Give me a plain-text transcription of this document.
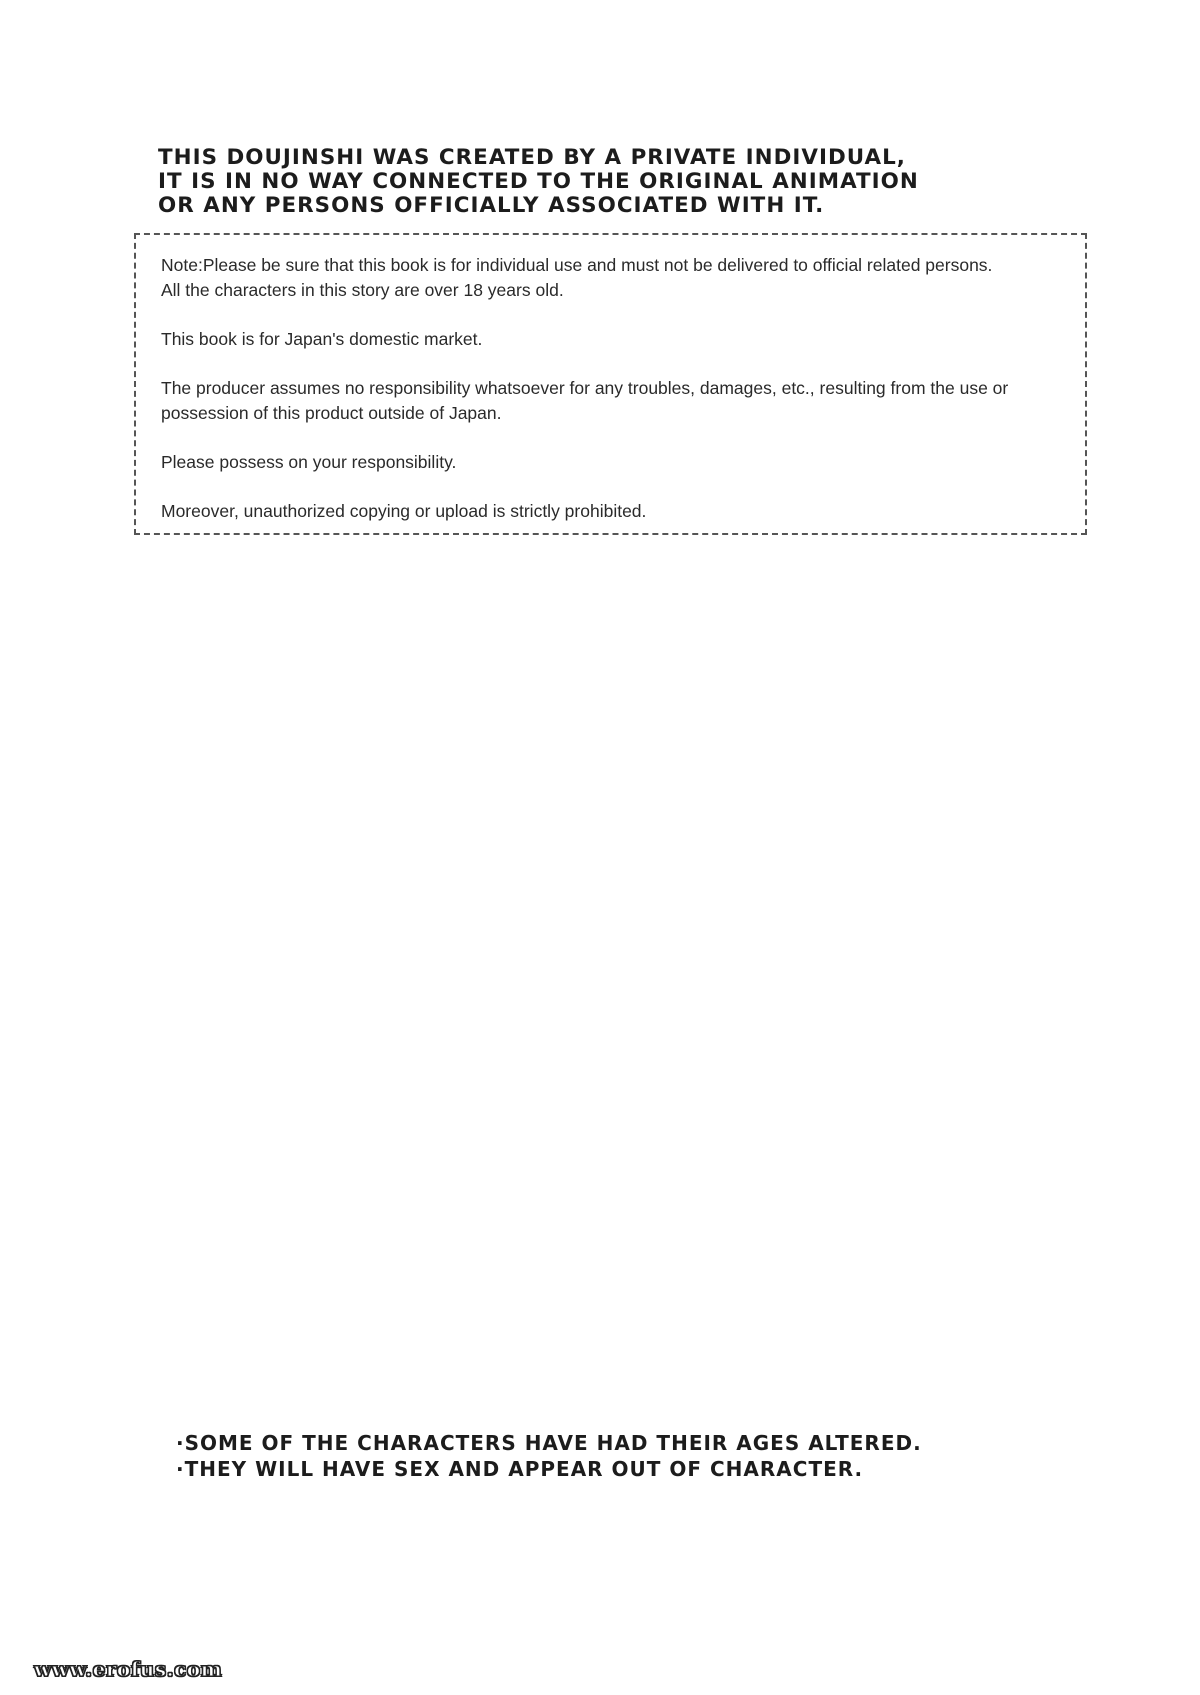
THIS DOUJINSHI WAS CREATED BY A PRIVATE INDIVIDUAL,
IT IS IN NO WAY CONNECTED TO THE ORIGINAL ANIMATION
OR ANY PERSONS OFFICIALLY ASSOCIATED WITH IT.

Note:Please be sure that this book is for individual use and must not be delivered to official related persons.
All the characters in this story are over 18 years old.

This book is for Japan's domestic market.

The producer assumes no responsibility whatsoever for any troubles, damages, etc., resulting from the use or
possession of this product outside of Japan.

Please possess on your responsibility.

Moreover, unauthorized copying or upload is strictly prohibited.

·SOME OF THE CHARACTERS HAVE HAD THEIR AGES ALTERED.
·THEY WILL HAVE SEX AND APPEAR OUT OF CHARACTER.
www.erofus.com
